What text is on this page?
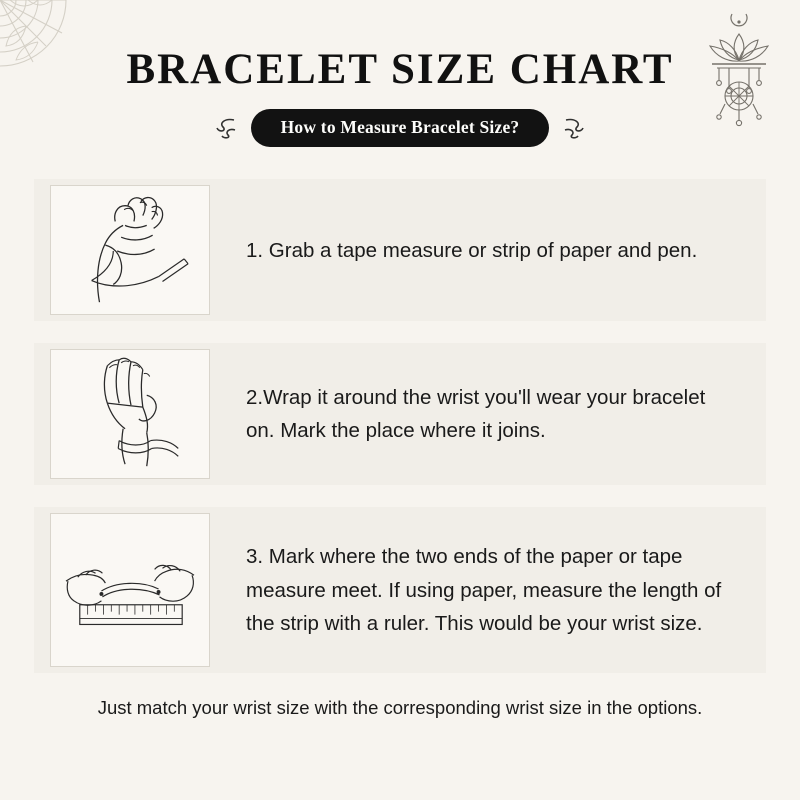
BRACELET SIZE CHART
How to Measure Bracelet Size?
1. Grab a tape measure or strip of paper and pen.
2.Wrap it around the wrist you'll wear your bracelet on. Mark the place where it joins.
3. Mark where the two ends of the paper or tape measure meet. If using paper, measure the length of the strip with a ruler. This would be your wrist size.
Just match your wrist size with the corresponding wrist size in the options.
